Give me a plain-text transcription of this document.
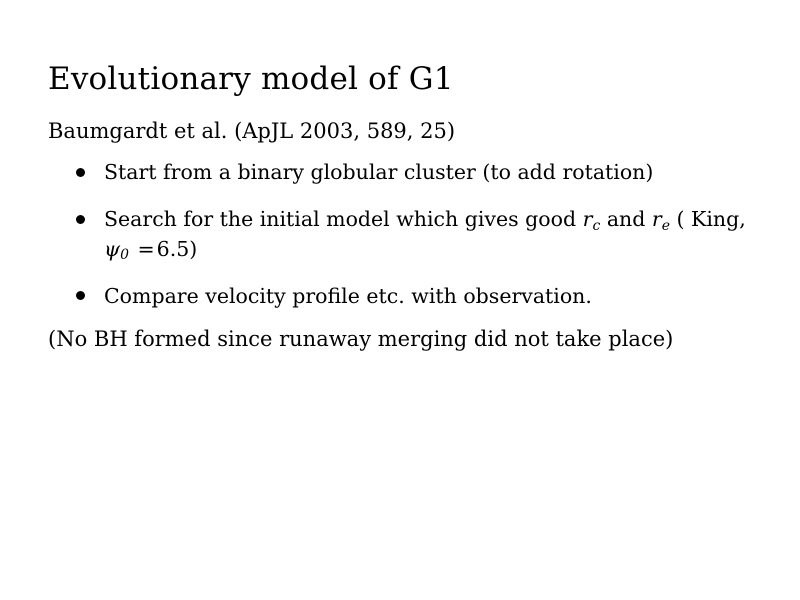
Evolutionary model of G1

Baumgardt et al. (ApJL 2003, 589, 25)

Start from a binary globular cluster (to add rotation)
Search for the initial model which gives good $r_c$ and $r_e$ ( King, $\psi_0 =6.5$)
Compare velocity profile etc. with observation.

(No BH formed since runaway merging did not take place)
